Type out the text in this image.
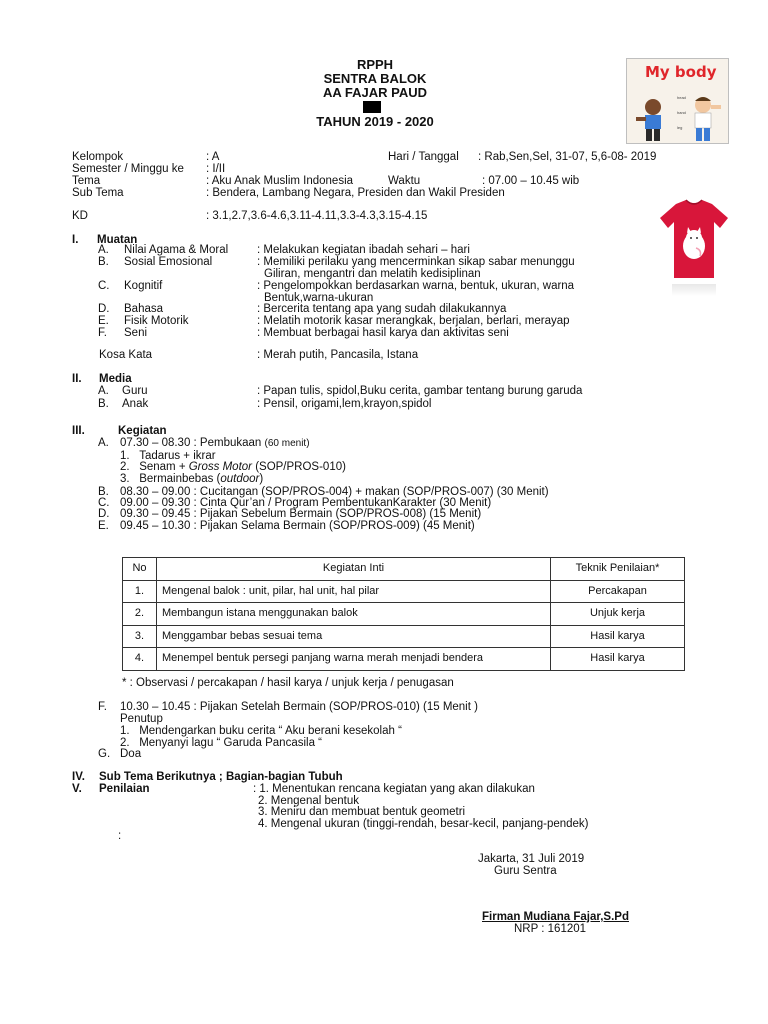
RPPH
SENTRA BALOK
AA FAJAR PAUD
TAHUN 2019 - 2020
My body
head
hand
leg
Kelompok	: A	Hari / Tanggal : Rab,Sen,Sel, 31-07, 5,6-08- 2019
Semester / Minggu ke : I/II
Tema	: Aku Anak Muslim Indonesia	Waktu	: 07.00 – 10.45 wib
Sub Tema	: Bendera, Lambang Negara, Presiden dan Wakil Presiden
KD	: 3.1,2.7,3.6-4.6,3.11-4.11,3.3-4.3,3.15-4.15
I. Muatan
A. Nilai Agama & Moral	: Melakukan kegiatan ibadah sehari – hari
B. Sosial Emosional	: Memiliki perilaku yang mencerminkan sikap sabar menunggu
Giliran, mengantri dan melatih kedisiplinan
C. Kognitif	: Pengelompokkan berdasarkan warna, bentuk, ukuran, warna
Bentuk,warna-ukuran
D. Bahasa	: Bercerita tentang apa yang sudah dilakukannya
E. Fisik Motorik	: Melatih motorik kasar merangkak, berjalan, berlari, merayap
F. Seni	: Membuat berbagai hasil karya dan aktivitas seni
Kosa Kata	: Merah putih, Pancasila, Istana
II. Media
A. Guru	: Papan tulis, spidol,Buku cerita, gambar tentang burung garuda
B. Anak	: Pensil, origami,lem,krayon,spidol
III.	Kegiatan
A. 07.30 – 08.30 : Pembukaan (60 menit)
1. Tadarus + ikrar
2. Senam + Gross Motor (SOP/PROS-010)
3. Bermainbebas (outdoor)
B. 08.30 – 09.00 : Cucitangan (SOP/PROS-004) + makan (SOP/PROS-007) (30 Menit)
C. 09.00 – 09.30 : Cinta Qur’an / Program PembentukanKarakter (30 Menit)
D. 09.30 – 09.45 : Pijakan Sebelum Bermain (SOP/PROS-008) (15 Menit)
E. 09.45 – 10.30 : Pijakan Selama Bermain (SOP/PROS-009) (45 Menit)
No	Kegiatan Inti	Teknik Penilaian*
1.	Mengenal balok : unit, pilar, hal unit, hal pilar	Percakapan
2.	Membangun istana menggunakan balok	Unjuk kerja
3.	Menggambar bebas sesuai tema	Hasil karya
4.	Menempel bentuk persegi panjang warna merah menjadi bendera	Hasil karya
* : Observasi / percakapan / hasil karya / unjuk kerja / penugasan
F. 10.30 – 10.45 : Pijakan Setelah Bermain (SOP/PROS-010) (15 Menit )
Penutup
1. Mendengarkan buku cerita “ Aku berani kesekolah “
2. Menyanyi lagu “ Garuda Pancasila “
G. Doa
IV. Sub Tema Berikutnya ; Bagian-bagian Tubuh
V. Penilaian	: 1. Menentukan rencana kegiatan yang akan dilakukan
2. Mengenal bentuk
3. Meniru dan membuat bentuk geometri
4. Mengenal ukuran (tinggi-rendah, besar-kecil, panjang-pendek)
:
Jakarta, 31 Juli 2019
Guru Sentra
Firman Mudiana Fajar,S.Pd
NRP : 161201
